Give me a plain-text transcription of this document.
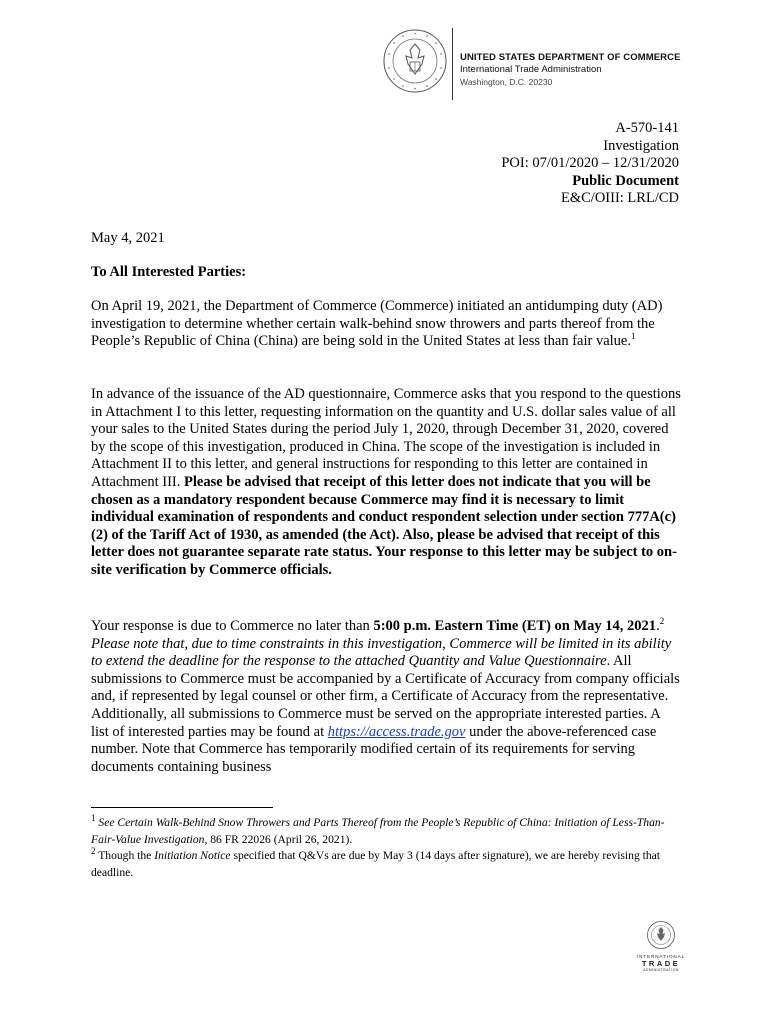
UNITED STATES DEPARTMENT OF COMMERCE
International Trade Administration
Washington, D.C. 20230
A-570-141
Investigation
POI: 07/01/2020 – 12/31/2020
Public Document
E&C/OIII: LRL/CD
May 4, 2021
To All Interested Parties:
On April 19, 2021, the Department of Commerce (Commerce) initiated an antidumping duty (AD) investigation to determine whether certain walk-behind snow throwers and parts thereof from the People’s Republic of China (China) are being sold in the United States at less than fair value.$^1$
In advance of the issuance of the AD questionnaire, Commerce asks that you respond to the questions in Attachment I to this letter, requesting information on the quantity and U.S. dollar sales value of all your sales to the United States during the period July 1, 2020, through December 31, 2020, covered by the scope of this investigation, produced in China. The scope of the investigation is included in Attachment II to this letter, and general instructions for responding to this letter are contained in Attachment III. Please be advised that receipt of this letter does not indicate that you will be chosen as a mandatory respondent because Commerce may find it is necessary to limit individual examination of respondents and conduct respondent selection under section 777A(c)(2) of the Tariff Act of 1930, as amended (the Act). Also, please be advised that receipt of this letter does not guarantee separate rate status. Your response to this letter may be subject to on-site verification by Commerce officials.
Your response is due to Commerce no later than 5:00 p.m. Eastern Time (ET) on May 14, 2021.$^2$ Please note that, due to time constraints in this investigation, Commerce will be limited in its ability to extend the deadline for the response to the attached Quantity and Value Questionnaire. All submissions to Commerce must be accompanied by a Certificate of Accuracy from company officials and, if represented by legal counsel or other firm, a Certificate of Accuracy from the representative. Additionally, all submissions to Commerce must be served on the appropriate interested parties. A list of interested parties may be found at https://access.trade.gov under the above-referenced case number. Note that Commerce has temporarily modified certain of its requirements for serving documents containing business
$^1$ See Certain Walk-Behind Snow Throwers and Parts Thereof from the People’s Republic of China: Initiation of Less-Than-Fair-Value Investigation, 86 FR 22026 (April 26, 2021).
$^2$ Though the Initiation Notice specified that Q&Vs are due by May 3 (14 days after signature), we are hereby revising that deadline.
INTERNATIONAL
TRADE
ADMINISTRATION
